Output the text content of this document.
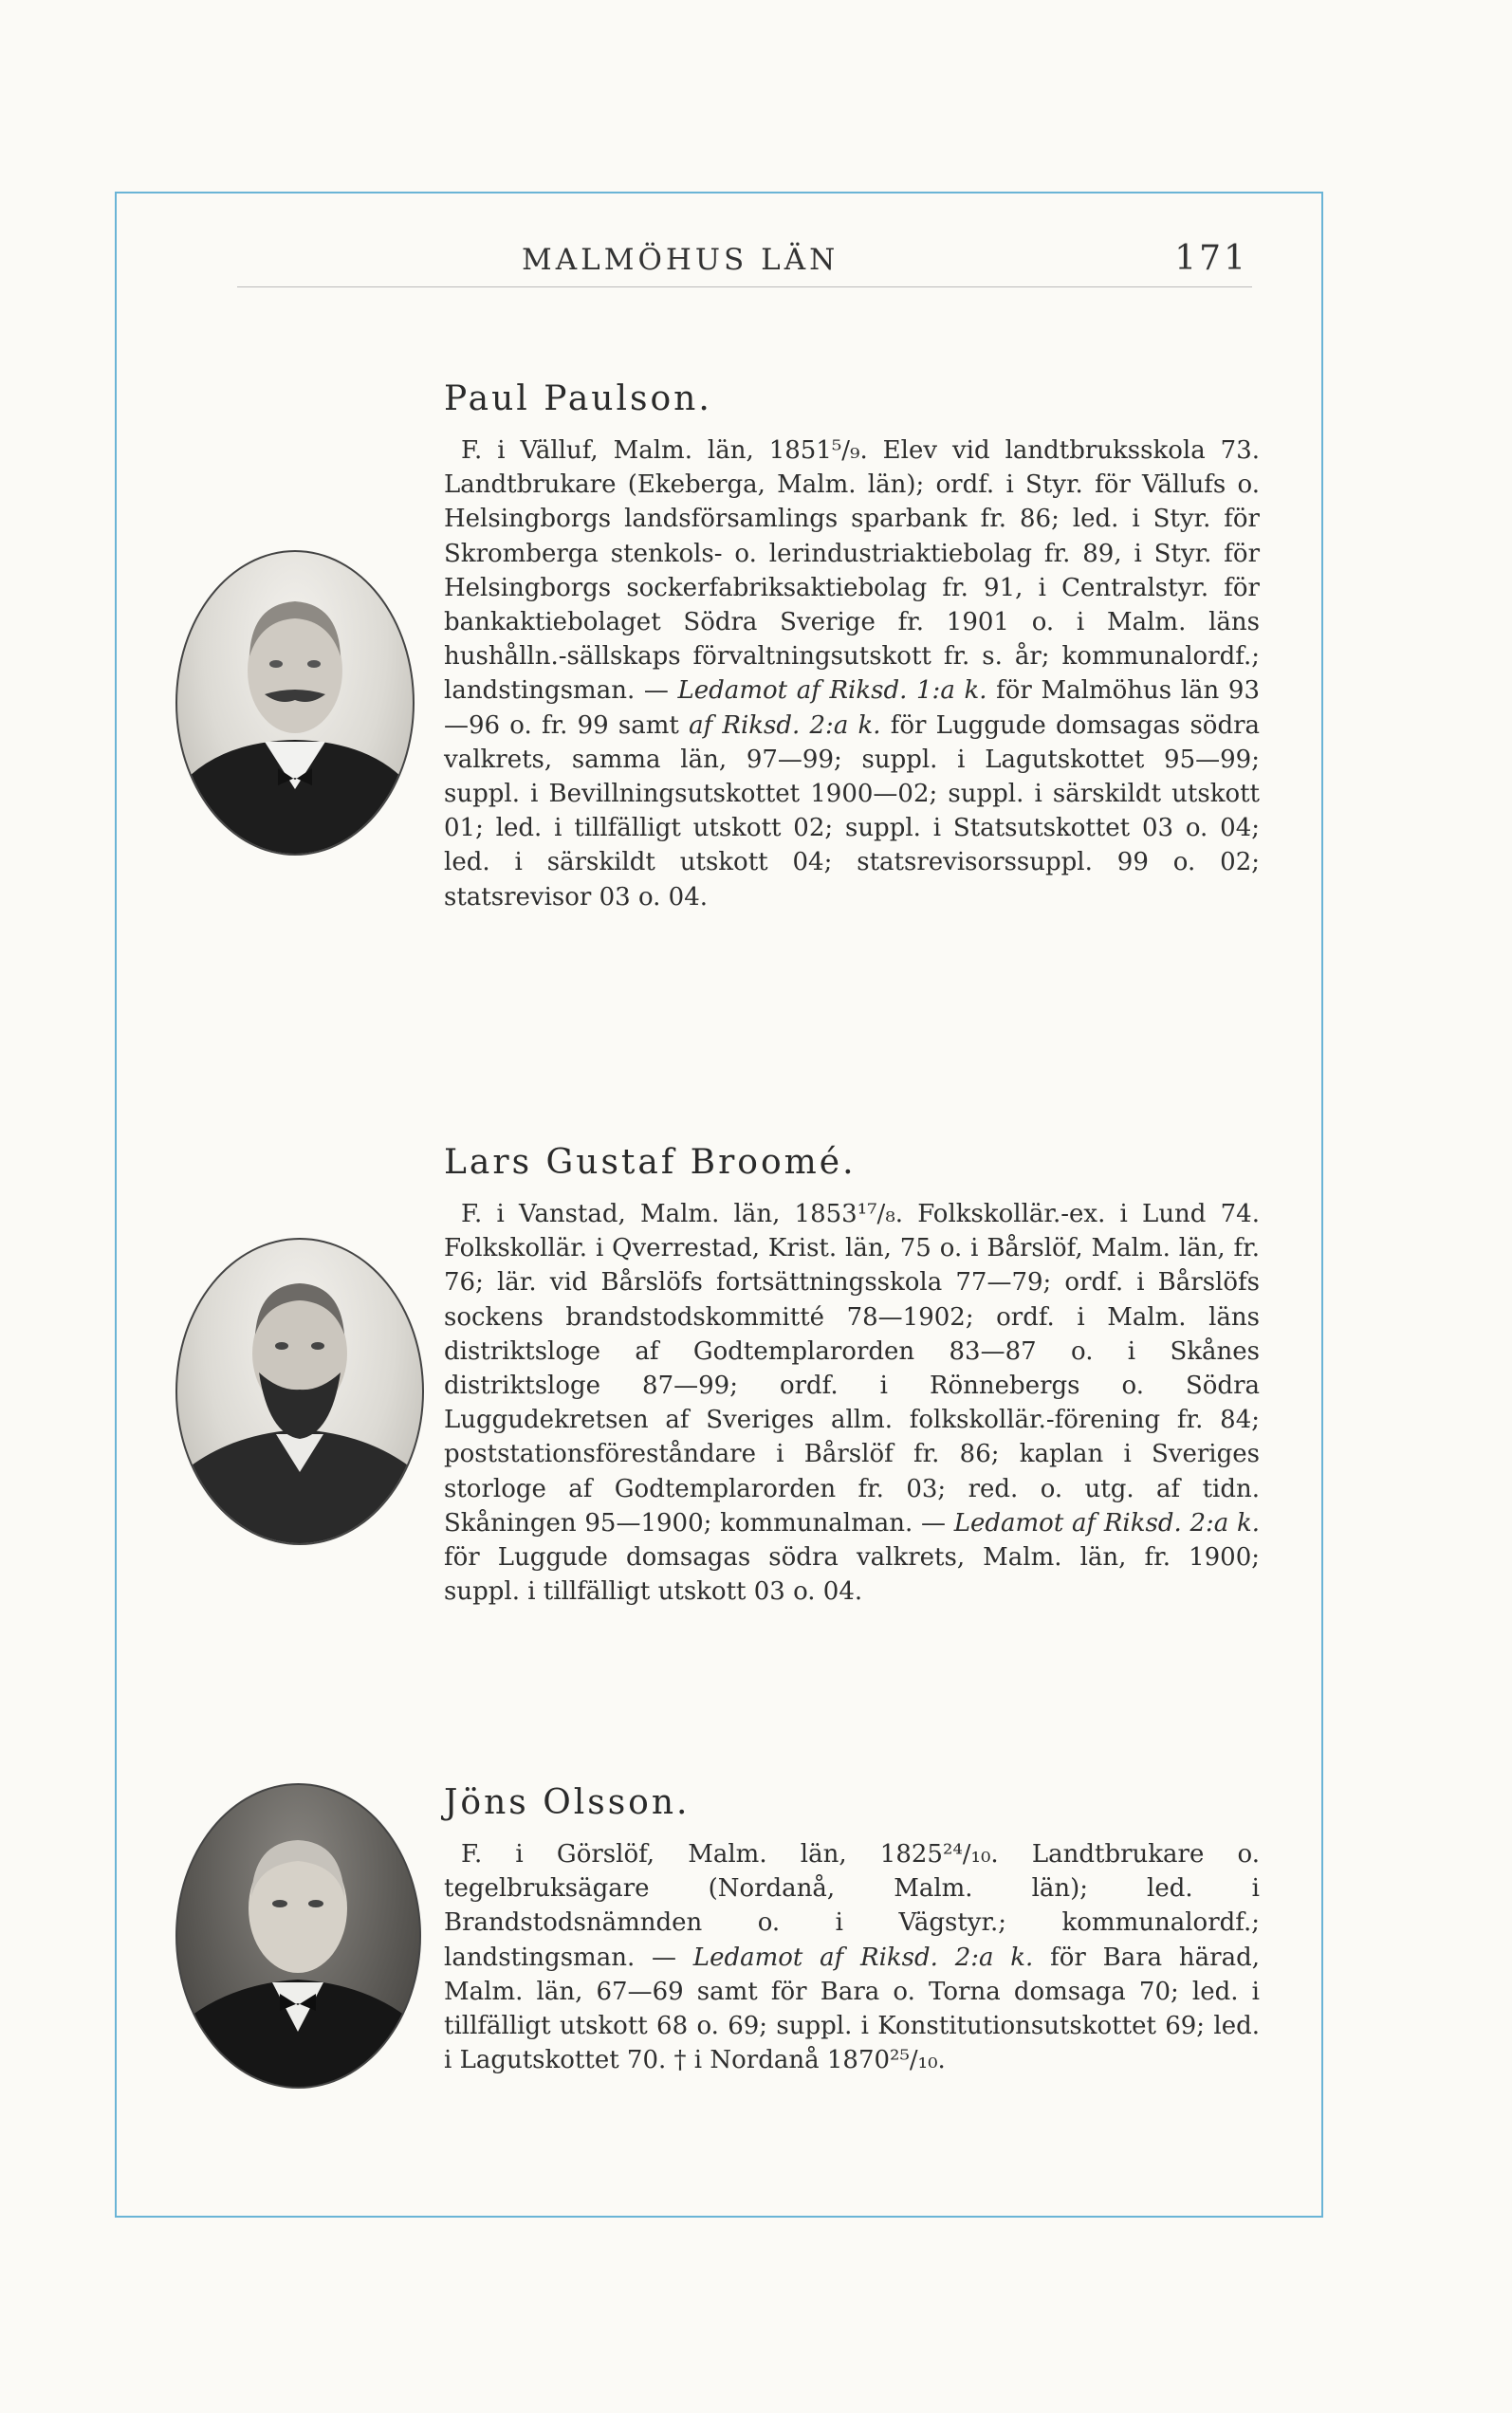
MALMÖHUS LÄN	171
Paul Paulson.

F. i Välluf, Malm. län, 1851⁵/₉. Elev vid landtbruksskola 73. Landtbrukare (Ekeberga, Malm. län); ordf. i Styr. för Vällufs o. Helsingborgs landsförsamlings sparbank fr. 86; led. i Styr. för Skromberga stenkols- o. lerindustriaktiebolag fr. 89, i Styr. för Helsingborgs sockerfabriksaktiebolag fr. 91, i Centralstyr. för bankaktiebolaget Södra Sverige fr. 1901 o. i Malm. läns hushålln.-sällskaps förvaltningsutskott fr. s. år; kommunalordf.; landstingsman. — Ledamot af Riksd. 1:a k. för Malmöhus län 93—96 o. fr. 99 samt af Riksd. 2:a k. för Luggude domsagas södra valkrets, samma län, 97—99; suppl. i Lagutskottet 95—99; suppl. i Bevillningsutskottet 1900—02; suppl. i särskildt utskott 01; led. i tillfälligt utskott 02; suppl. i Statsutskottet 03 o. 04; led. i särskildt utskott 04; statsrevisorssuppl. 99 o. 02; statsrevisor 03 o. 04.

Lars Gustaf Broomé.

F. i Vanstad, Malm. län, 1853¹⁷/₈. Folkskollär.-ex. i Lund 74. Folkskollär. i Qverrestad, Krist. län, 75 o. i Bårslöf, Malm. län, fr. 76; lär. vid Bårslöfs fortsättningsskola 77—79; ordf. i Bårslöfs sockens brandstodskommitté 78—1902; ordf. i Malm. läns distriktsloge af Godtemplarorden 83—87 o. i Skånes distriktsloge 87—99; ordf. i Rönnebergs o. Södra Luggudekretsen af Sveriges allm. folkskollär.-förening fr. 84; poststationsföreståndare i Bårslöf fr. 86; kaplan i Sveriges storloge af Godtemplarorden fr. 03; red. o. utg. af tidn. Skåningen 95—1900; kommunalman. — Ledamot af Riksd. 2:a k. för Luggude domsagas södra valkrets, Malm. län, fr. 1900; suppl. i tillfälligt utskott 03 o. 04.

Jöns Olsson.

F. i Görslöf, Malm. län, 1825²⁴/₁₀. Landtbrukare o. tegelbruksägare (Nordanå, Malm. län); led. i Brandstodsnämnden o. i Vägstyr.; kommunalordf.; landstingsman. — Ledamot af Riksd. 2:a k. för Bara härad, Malm. län, 67—69 samt för Bara o. Torna domsaga 70; led. i tillfälligt utskott 68 o. 69; suppl. i Konstitutionsutskottet 69; led. i Lagutskottet 70. † i Nordanå 1870²⁵/₁₀.
